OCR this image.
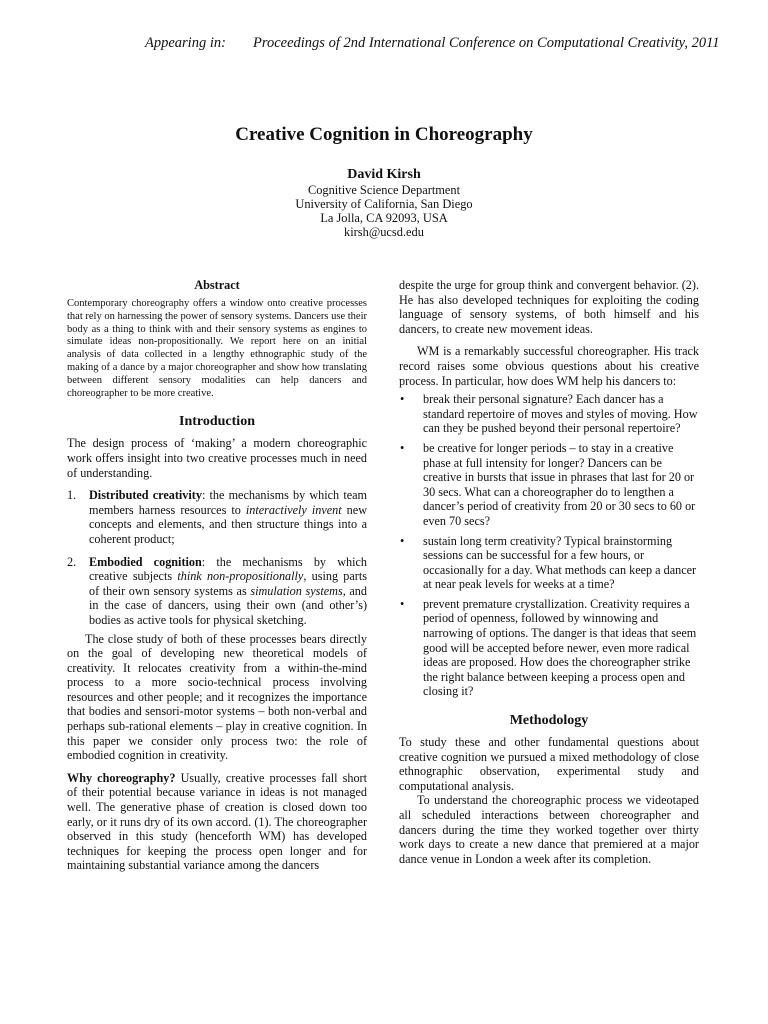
Appearing in: Proceedings of 2nd International Conference on Computational Creativity, 2011
Creative Cognition in Choreography
David Kirsh
Cognitive Science Department
University of California, San Diego
La Jolla, CA 92093, USA
kirsh@ucsd.edu
Abstract

Contemporary choreography offers a window onto creative processes that rely on harnessing the power of sensory systems. Dancers use their body as a thing to think with and their sensory systems as engines to simulate ideas non-propositionally. We report here on an initial analysis of data collected in a lengthy ethnographic study of the making of a dance by a major choreographer and show how translating between different sensory modalities can help dancers and choreographer to be more creative.

Introduction

The design process of ‘making’ a modern choreographic work offers insight into two creative processes much in need of understanding.

1. Distributed creativity: the mechanisms by which team members harness resources to interactively invent new concepts and elements, and then structure things into a coherent product;
2. Embodied cognition: the mechanisms by which creative subjects think non-propositionally, using parts of their own sensory systems as simulation systems, and in the case of dancers, using their own (and other’s) bodies as active tools for physical sketching.

The close study of both of these processes bears directly on the goal of developing new theoretical models of creativity. It relocates creativity from a within-the-mind process to a more socio-technical process involving resources and other people; and it recognizes the importance that bodies and sensori-motor systems – both non-verbal and perhaps sub-rational elements – play in creative cognition. In this paper we consider only process two: the role of embodied cognition in creativity.

Why choreography? Usually, creative processes fall short of their potential because variance in ideas is not managed well. The generative phase of creation is closed down too early, or it runs dry of its own accord. (1). The choreographer observed in this study (henceforth WM) has developed techniques for keeping the process open longer and for maintaining substantial variance among the dancers

despite the urge for group think and convergent behavior. (2). He has also developed techniques for exploiting the coding language of sensory systems, of both himself and his dancers, to create new movement ideas.

WM is a remarkably successful choreographer. His track record raises some obvious questions about his creative process. In particular, how does WM help his dancers to:

• break their personal signature? Each dancer has a standard repertoire of moves and styles of moving. How can they be pushed beyond their personal repertoire?
• be creative for longer periods – to stay in a creative phase at full intensity for longer? Dancers can be creative in bursts that issue in phrases that last for 20 or 30 secs. What can a choreographer do to lengthen a dancer’s period of creativity from 20 or 30 secs to 60 or even 70 secs?
• sustain long term creativity? Typical brainstorming sessions can be successful for a few hours, or occasionally for a day. What methods can keep a dancer at near peak levels for weeks at a time?
• prevent premature crystallization. Creativity requires a period of openness, followed by winnowing and narrowing of options. The danger is that ideas that seem good will be accepted before newer, even more radical ideas are proposed. How does the choreographer strike the right balance between keeping a process open and closing it?
Methodology

To study these and other fundamental questions about creative cognition we pursued a mixed methodology of close ethnographic observation, experimental study and computational analysis.

To understand the choreographic process we videotaped all scheduled interactions between choreographer and dancers during the time they worked together over thirty work days to create a new dance that premiered at a major dance venue in London a week after its completion.
